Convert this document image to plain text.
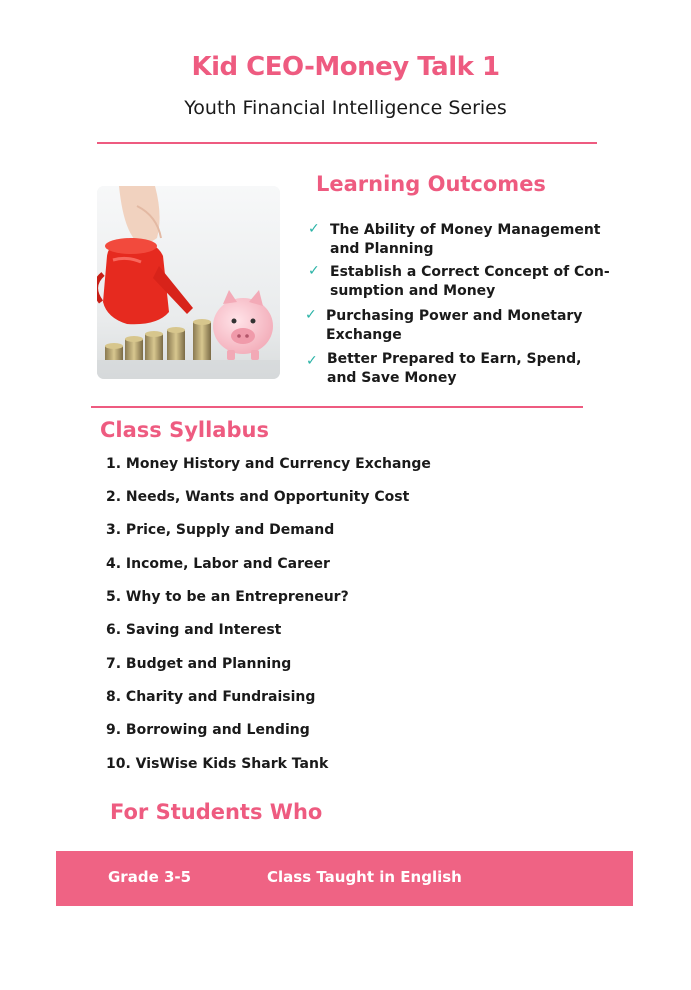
Kid CEO-Money Talk 1
Youth Financial Intelligence Series
Learning Outcomes
✓ The Ability of Money Management
and Planning
✓ Establish a Correct Concept of Con-
sumption and Money
✓ Purchasing Power and Monetary
Exchange
✓ Better Prepared to Earn, Spend,
and Save Money
Class Syllabus
1. Money History and Currency Exchange
2. Needs, Wants and Opportunity Cost
3. Price, Supply and Demand
4. Income, Labor and Career
5. Why to be an Entrepreneur?
6. Saving and Interest
7. Budget and Planning
8. Charity and Fundraising
9. Borrowing and Lending
10. VisWise Kids Shark Tank
For Students Who
Grade 3-5	Class Taught in English
